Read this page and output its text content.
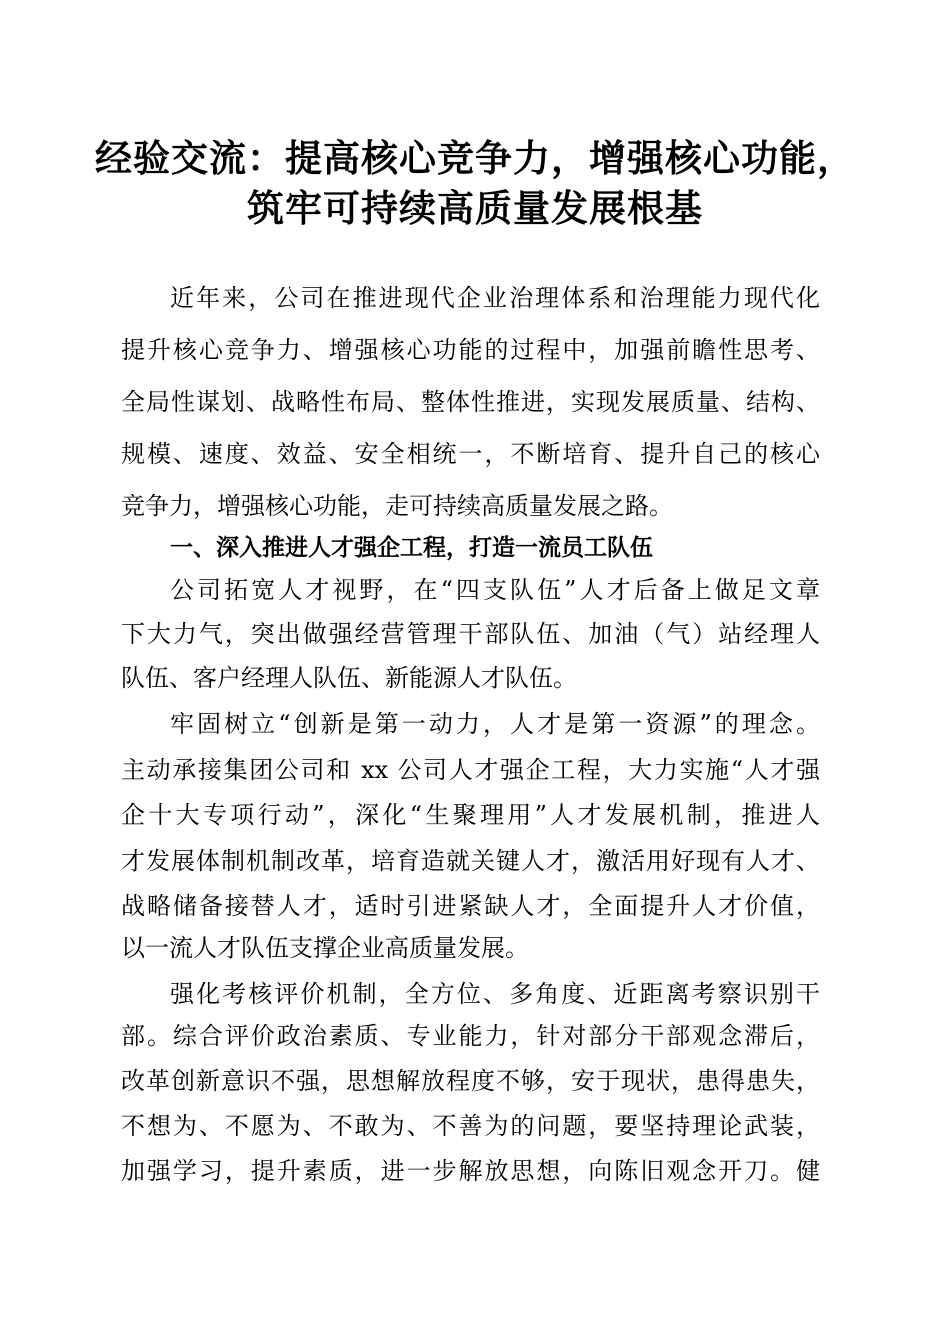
经验交流：提高核心竞争力，增强核心功能，
筑牢可持续高质量发展根基
近年来，公司在推进现代企业治理体系和治理能力现代化
提升核心竞争力、增强核心功能的过程中，加强前瞻性思考、
全局性谋划、战略性布局、整体性推进，实现发展质量、结构、
规模、速度、效益、安全相统一，不断培育、提升自己的核心
竞争力，增强核心功能，走可持续高质量发展之路。
一、深入推进人才强企工程，打造一流员工队伍
公司拓宽人才视野，在“四支队伍”人才后备上做足文章
下大力气，突出做强经营管理干部队伍、加油（气）站经理人
队伍、客户经理人队伍、新能源人才队伍。
牢固树立“创新是第一动力，人才是第一资源”的理念。
主动承接集团公司和 xx 公司人才强企工程，大力实施“人才强
企十大专项行动”，深化“生聚理用”人才发展机制，推进人
才发展体制机制改革，培育造就关键人才，激活用好现有人才、
战略储备接替人才，适时引进紧缺人才，全面提升人才价值，
以一流人才队伍支撑企业高质量发展。
强化考核评价机制，全方位、多角度、近距离考察识别干
部。综合评价政治素质、专业能力，针对部分干部观念滞后，
改革创新意识不强，思想解放程度不够，安于现状，患得患失，
不想为、不愿为、不敢为、不善为的问题，要坚持理论武装，
加强学习，提升素质，进一步解放思想，向陈旧观念开刀。健
